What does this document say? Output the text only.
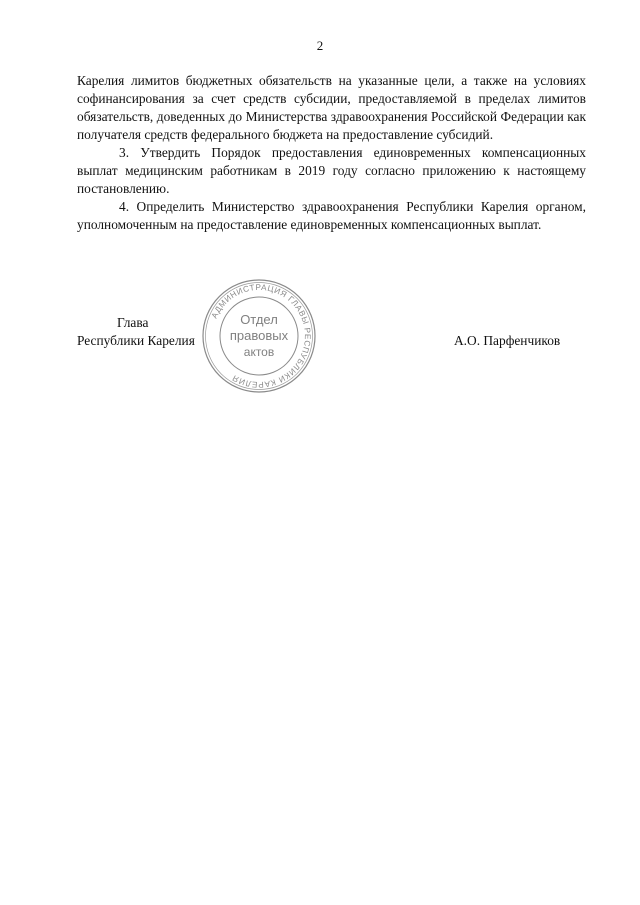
2

Карелия лимитов бюджетных обязательств на указанные цели, а также на условиях софинансирования за счет средств субсидии, предоставляемой в пределах лимитов обязательств, доведенных до Министерства здравоохранения Российской Федерации как получателя средств федерального бюджета на предоставление субсидий.

3. Утвердить Порядок предоставления единовременных компенсационных выплат медицинским работникам в 2019 году согласно приложению к настоящему постановлению.

4. Определить Министерство здравоохранения Республики Карелия органом, уполномоченным на предоставление единовременных компенсационных выплат.

Глава
Республики Карелия	А.О. Парфенчиков
АДМИНИСТРАЦИЯ ГЛАВЫ РЕСПУБЛИКИ КАРЕЛИЯ
Отдел
правовых
актов
